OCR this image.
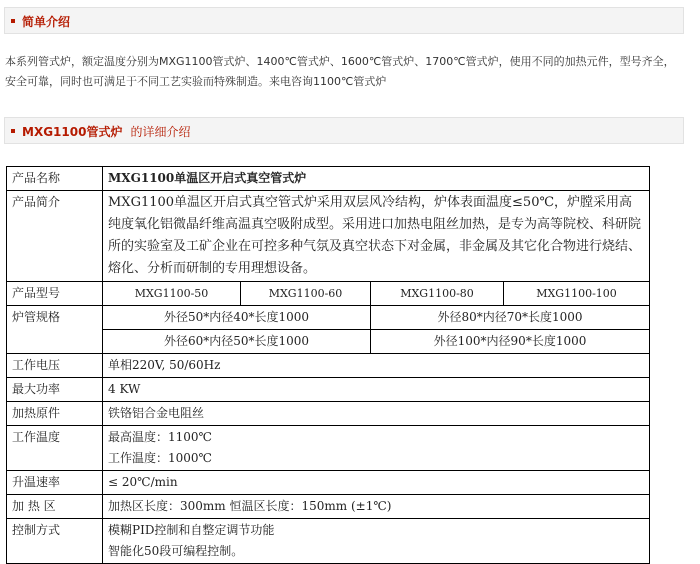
简单介绍
本系列管式炉，额定温度分别为MXG1100管式炉、1400℃管式炉、1600℃管式炉、1700℃管式炉，使用不同的加热元件，型号齐全，安全可靠，同时也可满足于不同工艺实验而特殊制造。来电咨询1100℃管式炉
MXG1100管式炉 的详细介绍
产品名称	MXG1100单温区开启式真空管式炉			
产品简介	MXG1100单温区开启式真空管式炉采用双层风冷结构，炉体表面温度≤50℃，炉膛采用高纯度氧化铝微晶纤维高温真空吸附成型。采用进口加热电阻丝加热，是专为高等院校、科研院所的实验室及工矿企业在可控多种气氛及真空状态下对金属，非金属及其它化合物进行烧结、熔化、分析而研制的专用理想设备。			
产品型号	MXG1100-50	MXG1100-60	MXG1100-80	MXG1100-100
炉管规格	外径50*内径40*长度1000		外径80*内径70*长度1000	
	外径60*内径50*长度1000		外径100*内径90*长度1000	
工作电压	单相220V, 50/60Hz			
最大功率	4 KW			
加热原件	铁铬铝合金电阻丝			
工作温度	最高温度：1100℃
工作温度：1000℃			

升温速率	≤ 20℃/min			
加 热 区	加热区长度：300mm 恒温区长度：150mm (±1℃)			
控制方式	模糊PID控制和自整定调节功能
智能化50段可编程控制。			
